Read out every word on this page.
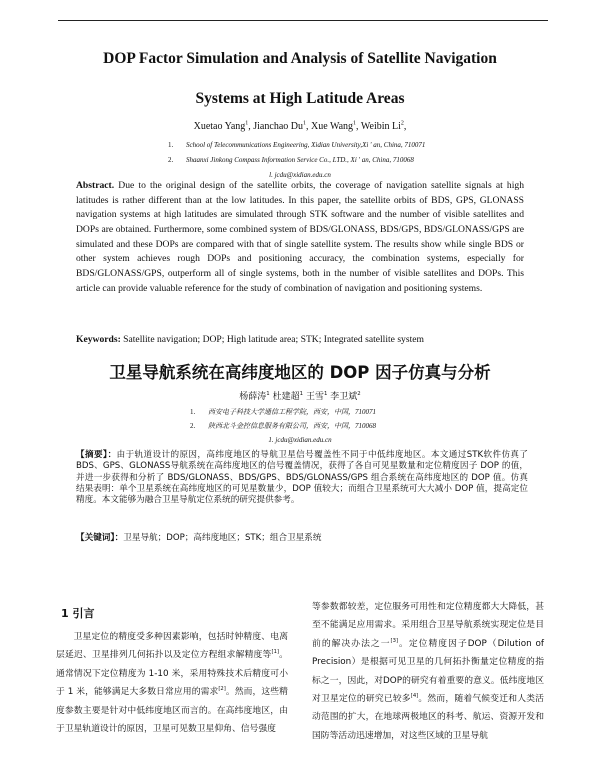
DOP Factor Simulation and Analysis of Satellite Navigation
Systems at High Latitude Areas
Xuetao Yang$^1$, Jianchao Du$^1$, Xue Wang$^1$, Weibin Li$^2$,
1. School of Telecommunications Engineering, Xidian University,Xi ' an, China, 710071
2. Shaanxi Jinkong Compass Information Service Co., LTD., Xi ' an, China, 710068
l. jcdu@xidian.edu.cn

Abstract. Due to the original design of the satellite orbits, the coverage of navigation satellite signals at high latitudes is rather different than at the low latitudes. In this paper, the satellite orbits of BDS, GPS, GLONASS navigation systems at high latitudes are simulated through STK software and the number of visible satellites and DOPs are obtained. Furthermore, some combined system of BDS/GLONASS, BDS/GPS, BDS/GLONASS/GPS are simulated and these DOPs are compared with that of single satellite system. The results show while single BDS or other system achieves rough DOPs and positioning accuracy, the combination systems, especially for BDS/GLONASS/GPS, outperform all of single systems, both in the number of visible satellites and DOPs. This article can provide valuable reference for the study of combination of navigation and positioning systems.

Keywords: Satellite navigation; DOP; High latitude area; STK; Integrated satellite system

卫星导航系统在高纬度地区的 DOP 因子仿真与分析
杨薛涛$^1$ 杜建超$^1$ 王雪$^1$ 李卫斌$^2$
1. 西安电子科技大学通信工程学院，西安，中国，710071
2. 陕西北斗金控信息服务有限公司，西安，中国，710068
1. jcdu@xidian.edu.cn

【摘要】：由于轨道设计的原因，高纬度地区的导航卫星信号覆盖性不同于中低纬度地区。本文通过STK软件仿真了BDS、GPS、GLONASS导航系统在高纬度地区的信号覆盖情况，获得了各自可见星数量和定位精度因子 DOP 的值，并进一步获得和分析了 BDS/GLONASS、BDS/GPS、BDS/GLONASS/GPS 组合系统在高纬度地区的 DOP 值。仿真结果表明：单个卫星系统在高纬度地区的可见星数量少，DOP 值较大；而组合卫星系统可大大减小 DOP 值，提高定位精度。本文能够为融合卫星导航定位系统的研究提供参考。

【关键词】：卫星导航；DOP；高纬度地区；STK；组合卫星系统

1 引言

卫星定位的精度受多种因素影响，包括时钟精度、电离层延迟、卫星排列几何拓扑以及定位方程组求解精度等[1]。通常情况下定位精度为 1-10 米，采用特殊技术后精度可小于 1 米，能够满足大多数日常应用的需求[2]。然而，这些精度参数主要是针对中低纬度地区而言的。在高纬度地区，由于卫星轨道设计的原因，卫星可见数卫星仰角、信号强度

等参数都较差，定位服务可用性和定位精度都大大降低，甚至不能满足应用需求。采用组合卫星导航系统实现定位是目前的解决办法之一[3]。定位精度因子DOP（Dilution of Precision）是根据可见卫星的几何拓扑衡量定位精度的指标之一，因此，对DOP的研究有着重要的意义。低纬度地区对卫星定位的研究已较多[4]。然而，随着气候变迁和人类活动范围的扩大，在地球两极地区的科考、航运、资源开发和国防等活动迅速增加，对这些区域的卫星导航
